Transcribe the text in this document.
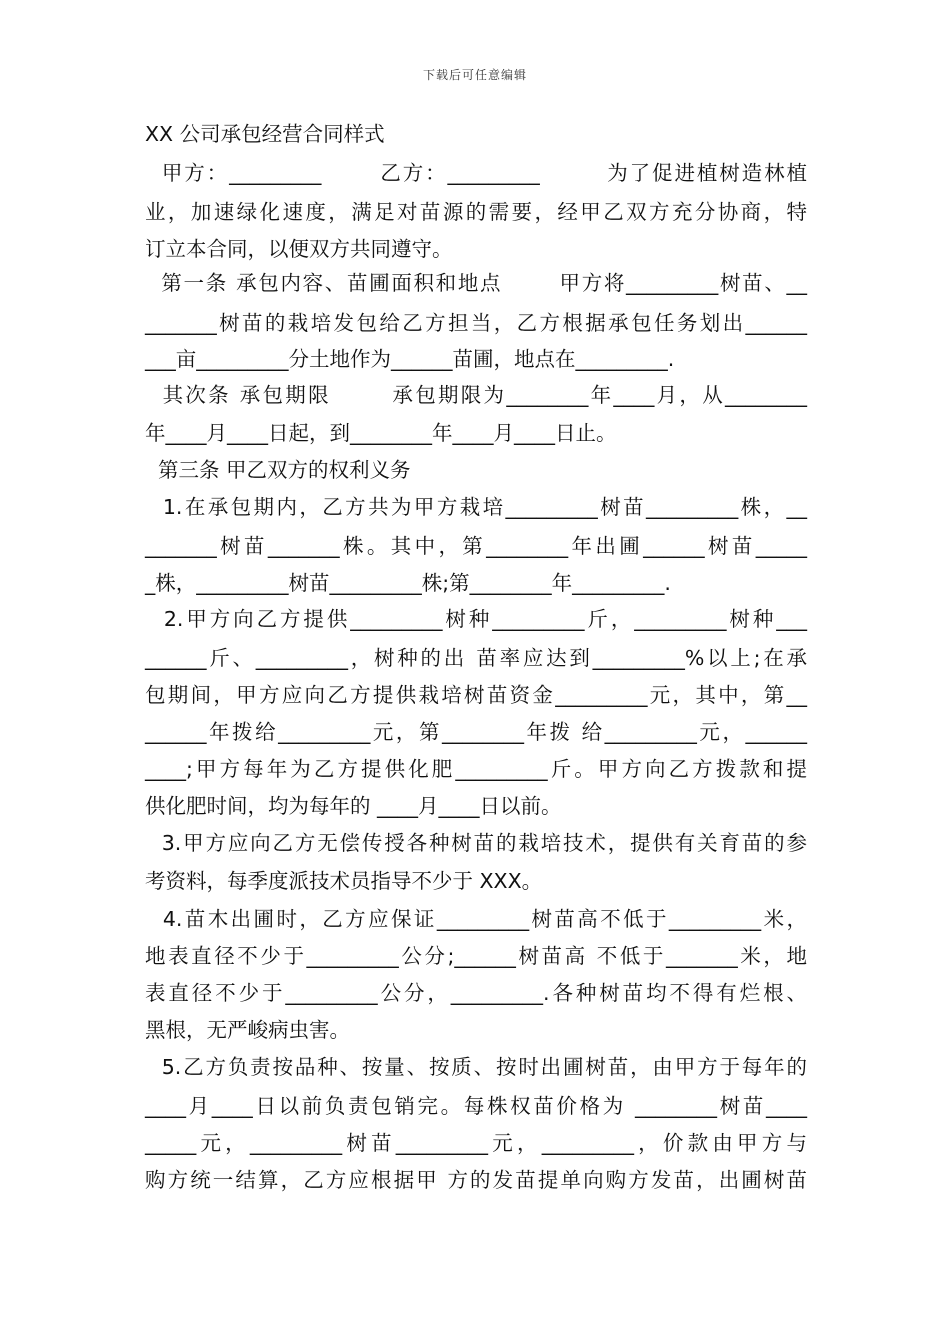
下载后可任意编辑
XX 公司承包经营合同样式
甲方：_________       乙方：_________        为了促进植树造林植
业，加速绿化速度，满足对苗源的需要，经甲乙双方充分协商，特
订立本合同，以便双方共同遵守。
第一条 承包内容、苗圃面积和地点       甲方将_________树苗、__
_______树苗的栽培发包给乙方担当，乙方根据承包任务划出______
___亩_________分土地作为______苗圃，地点在_________.
其次条 承包期限       承包期限为________年____月，从________
年____月____日起，到________年____月____日止。
第三条 甲乙双方的权利义务
1.在承包期内，乙方共为甲方栽培_________树苗_________株，__
_______树苗_______株。其中，第________年出圃______树苗_____
_株，_________树苗_________株;第________年_________.
2.甲方向乙方提供_________树种_________斤，_________树种___
______斤、_________，树种的出 苗率应达到_________%以上;在承
包期间，甲方应向乙方提供栽培树苗资金_________元，其中，第__
______年拨给_________元，第________年拨 给_________元，______
____;甲方每年为乙方提供化肥_________斤。甲方向乙方拨款和提
供化肥时间，均为每年的 ____月____日以前。
3.甲方应向乙方无偿传授各种树苗的栽培技术，提供有关育苗的参
考资料，每季度派技术员指导不少于 XXX。
4.苗木出圃时，乙方应保证_________树苗高不低于_________米，
地表直径不少于_________公分;______树苗高 不低于_______米，地
表直径不少于_________公分，_________.各种树苗均不得有烂根、
黑根，无严峻病虫害。
5.乙方负责按品种、按量、按质、按时出圃树苗，由甲方于每年的
____月____日以前负责包销完。每株权苗价格为 ________树苗____
_____元，_________树苗_________元，_________，价款由甲方与
购方统一结算，乙方应根据甲 方的发苗提单向购方发苗，出圃树苗
